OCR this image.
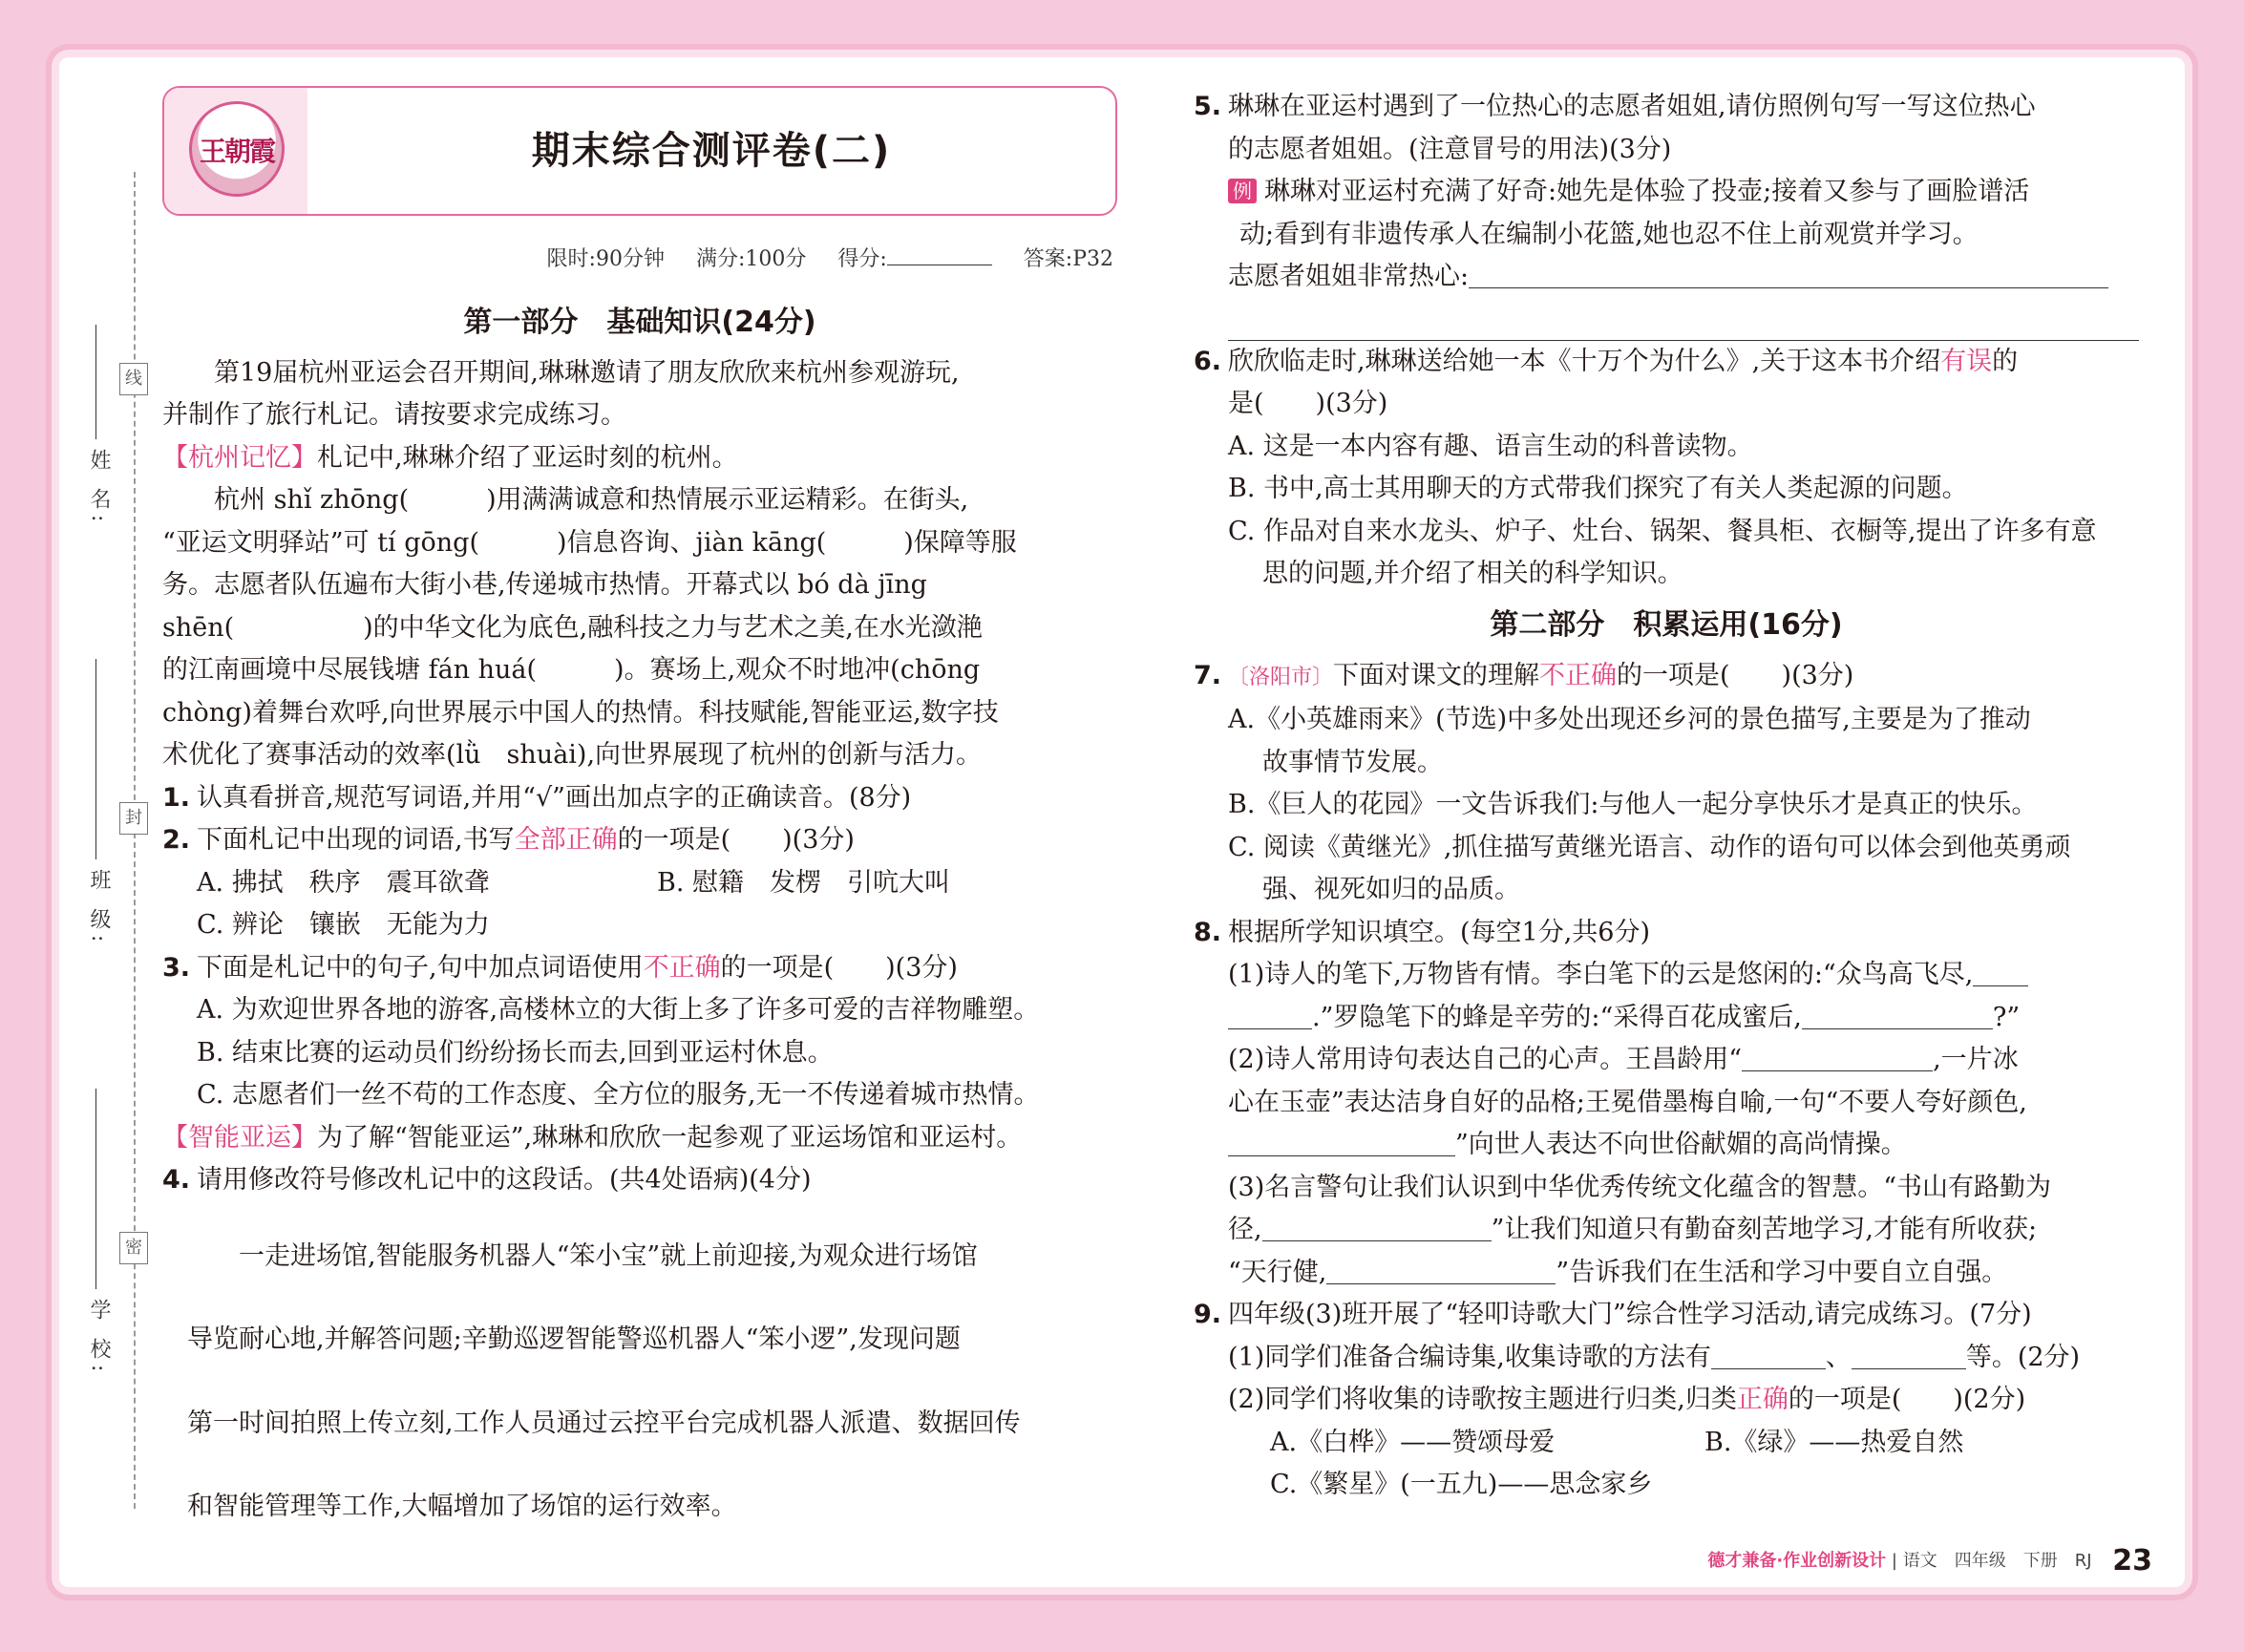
线
封
密
姓 名:
班 级:
学 校:
王朝霞	期末综合测评卷(二)
限时:90分钟 满分:100分 得分:	答案:P32
第一部分　基础知识(24分)
第19届杭州亚运会召开期间,琳琳邀请了朋友欣欣来杭州参观游玩,
并制作了旅行札记。请按要求完成练习。
【杭州记忆】札记中,琳琳介绍了亚运时刻的杭州。
杭州 shǐ zhōng(　　　)用满满诚意和热情展示亚运精彩。在街头,
“亚运文明驿站”可 tí gōng(　　　)信息咨询、jiàn kāng(　　　)保障等服
务。志愿者队伍遍布大街小巷,传递城市热情。开幕式以 bó dà jīng
shēn(　　　　　)的中华文化为底色,融科技之力与艺术之美,在水光潋滟
的江南画境中尽展钱塘 fán huá(　　　)。赛场上,观众不时地冲(chōng
chòng)着舞台欢呼,向世界展示中国人的热情。科技赋能,智能亚运,数字技
术优化了赛事活动的效率(lǜ　shuài),向世界展现了杭州的创新与活力。
1. 认真看拼音,规范写词语,并用“√”画出加点字的正确读音。(8分)
2. 下面札记中出现的词语,书写全部正确的一项是(　　)(3分)
A. 拂拭　秩序　震耳欲聋	B. 慰籍　发楞　引吭大叫
C. 辨论　镶嵌　无能为力
3. 下面是札记中的句子,句中加点词语使用不正确的一项是(　　)(3分)
A. 为欢迎世界各地的游客,高楼林立的大街上多了许多可爱的吉祥物雕塑。
B. 结束比赛的运动员们纷纷扬长而去,回到亚运村休息。
C. 志愿者们一丝不苟的工作态度、全方位的服务,无一不传递着城市热情。
【智能亚运】为了解“智能亚运”,琳琳和欣欣一起参观了亚运场馆和亚运村。
4. 请用修改符号修改札记中的这段话。(共4处语病)(4分)
一走进场馆,智能服务机器人“笨小宝”就上前迎接,为观众进行场馆
导览耐心地,并解答问题;辛勤巡逻智能警巡机器人“笨小逻”,发现问题
第一时间拍照上传立刻,工作人员通过云控平台完成机器人派遣、数据回传
和智能管理等工作,大幅增加了场馆的运行效率。
5. 琳琳在亚运村遇到了一位热心的志愿者姐姐,请仿照例句写一写这位热心
的志愿者姐姐。(注意冒号的用法)(3分)
例 琳琳对亚运村充满了好奇:她先是体验了投壶;接着又参与了画脸谱活
动;看到有非遗传承人在编制小花篮,她也忍不住上前观赏并学习。
志愿者姐姐非常热心:
6. 欣欣临走时,琳琳送给她一本《十万个为什么》,关于这本书介绍有误的
是(　　)(3分)
A. 这是一本内容有趣、语言生动的科普读物。
B. 书中,高士其用聊天的方式带我们探究了有关人类起源的问题。
C. 作品对自来水龙头、炉子、灶台、锅架、餐具柜、衣橱等,提出了许多有意
思的问题,并介绍了相关的科学知识。
第二部分　积累运用(16分)
7. 〔洛阳市〕下面对课文的理解不正确的一项是(　　)(3分)
A.《小英雄雨来》(节选)中多处出现还乡河的景色描写,主要是为了推动
故事情节发展。
B.《巨人的花园》一文告诉我们:与他人一起分享快乐才是真正的快乐。
C. 阅读《黄继光》,抓住描写黄继光语言、动作的语句可以体会到他英勇顽
强、视死如归的品质。
8. 根据所学知识填空。(每空1分,共6分)
(1)诗人的笔下,万物皆有情。李白笔下的云是悠闲的:“众鸟高飞尽,
.”罗隐笔下的蜂是辛劳的:“采得百花成蜜后,	?”
(2)诗人常用诗句表达自己的心声。王昌龄用“	,一片冰
心在玉壶”表达洁身自好的品格;王冕借墨梅自喻,一句“不要人夸好颜色,
”向世人表达不向世俗献媚的高尚情操。
(3)名言警句让我们认识到中华优秀传统文化蕴含的智慧。“书山有路勤为
径,	”让我们知道只有勤奋刻苦地学习,才能有所收获;
“天行健,	”告诉我们在生活和学习中要自立自强。
9. 四年级(3)班开展了“轻叩诗歌大门”综合性学习活动,请完成练习。(7分)
(1)同学们准备合编诗集,收集诗歌的方法有	、	等。(2分)
(2)同学们将收集的诗歌按主题进行归类,归类正确的一项是(　　)(2分)
A.《白桦》——赞颂母爱	B.《绿》——热爱自然
C.《繁星》(一五九)——思念家乡
德才兼备·作业创新设计 | 语文　四年级　下册　RJ 23
